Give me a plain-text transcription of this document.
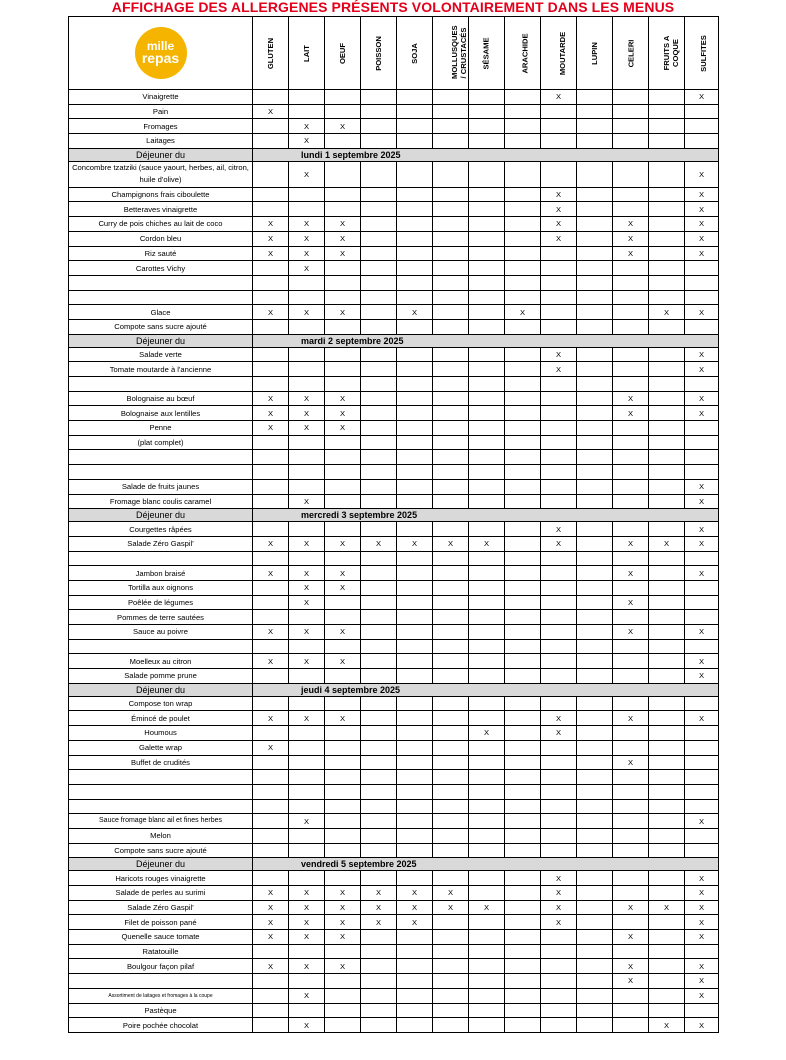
AFFICHAGE DES ALLERGENES PRÉSENTS VOLONTAIREMENT DANS LES MENUS
mille
repas	GLUTEN	LAIT	OEUF	POISSON	SOJA	MOLLUSQUES / CRUSTACÉS	SÉSAME	ARACHIDE	MOUTARDE	LUPIN	CELERI	FRUITS A COQUE	SULFITES
Vinaigrette									X				X
Pain	X												
Fromages		X	X										
Laitages		X											
Déjeuner du	lundi 1 septembre 2025												
Concombre tzatziki (sauce yaourt, herbes, ail, citron, huile d'olive)		X											X
Champignons frais ciboulette									X				X
Betteraves vinaigrette									X				X
Curry de pois chiches au lait de coco	X	X	X						X		X		X
Cordon bleu	X	X	X						X		X		X
Riz sauté	X	X	X								X		X
Carottes Vichy		X											

Glace	X	X	X		X			X				X	X
Compote sans sucre ajouté													
Déjeuner du	mardi 2 septembre 2025												
Salade verte									X				X
Tomate moutarde à l'ancienne									X				X

Bolognaise au bœuf	X	X	X								X		X
Bolognaise aux lentilles	X	X	X								X		X
Penne	X	X	X										
(plat complet)													

Salade de fruits jaunes													X
Fromage blanc coulis caramel		X											X
Déjeuner du	mercredi 3 septembre 2025												
Courgettes râpées									X				X
Salade Zéro Gaspil'	X	X	X	X	X	X	X		X		X	X	X

Jambon braisé	X	X	X								X		X
Tortilla aux oignons		X	X										
Poêlée de légumes		X									X		
Pommes de terre sautées													
Sauce au poivre	X	X	X								X		X

Moelleux au citron	X	X	X										X
Salade pomme prune													X
Déjeuner du	jeudi 4 septembre 2025												
Compose ton wrap													
Émincé de poulet	X	X	X						X		X		X
Houmous							X		X				
Galette wrap	X												
Buffet de crudités											X		

Sauce fromage blanc ail et fines herbes		X											X
Melon													
Compote sans sucre ajouté													
Déjeuner du	vendredi 5 septembre 2025												
Haricots rouges vinaigrette									X				X
Salade de perles au surimi	X	X	X	X	X	X			X				X
Salade Zéro Gaspil'	X	X	X	X	X	X	X		X		X	X	X
Filet de poisson pané	X	X	X	X	X				X				X
Quenelle sauce tomate	X	X	X								X		X
Ratatouille													
Boulgour façon pilaf	X	X	X								X		X
											X		X
Assortiment de laitages et fromages à la coupe		X											X
Pastèque													
Poire pochée chocolat		X										X	X
